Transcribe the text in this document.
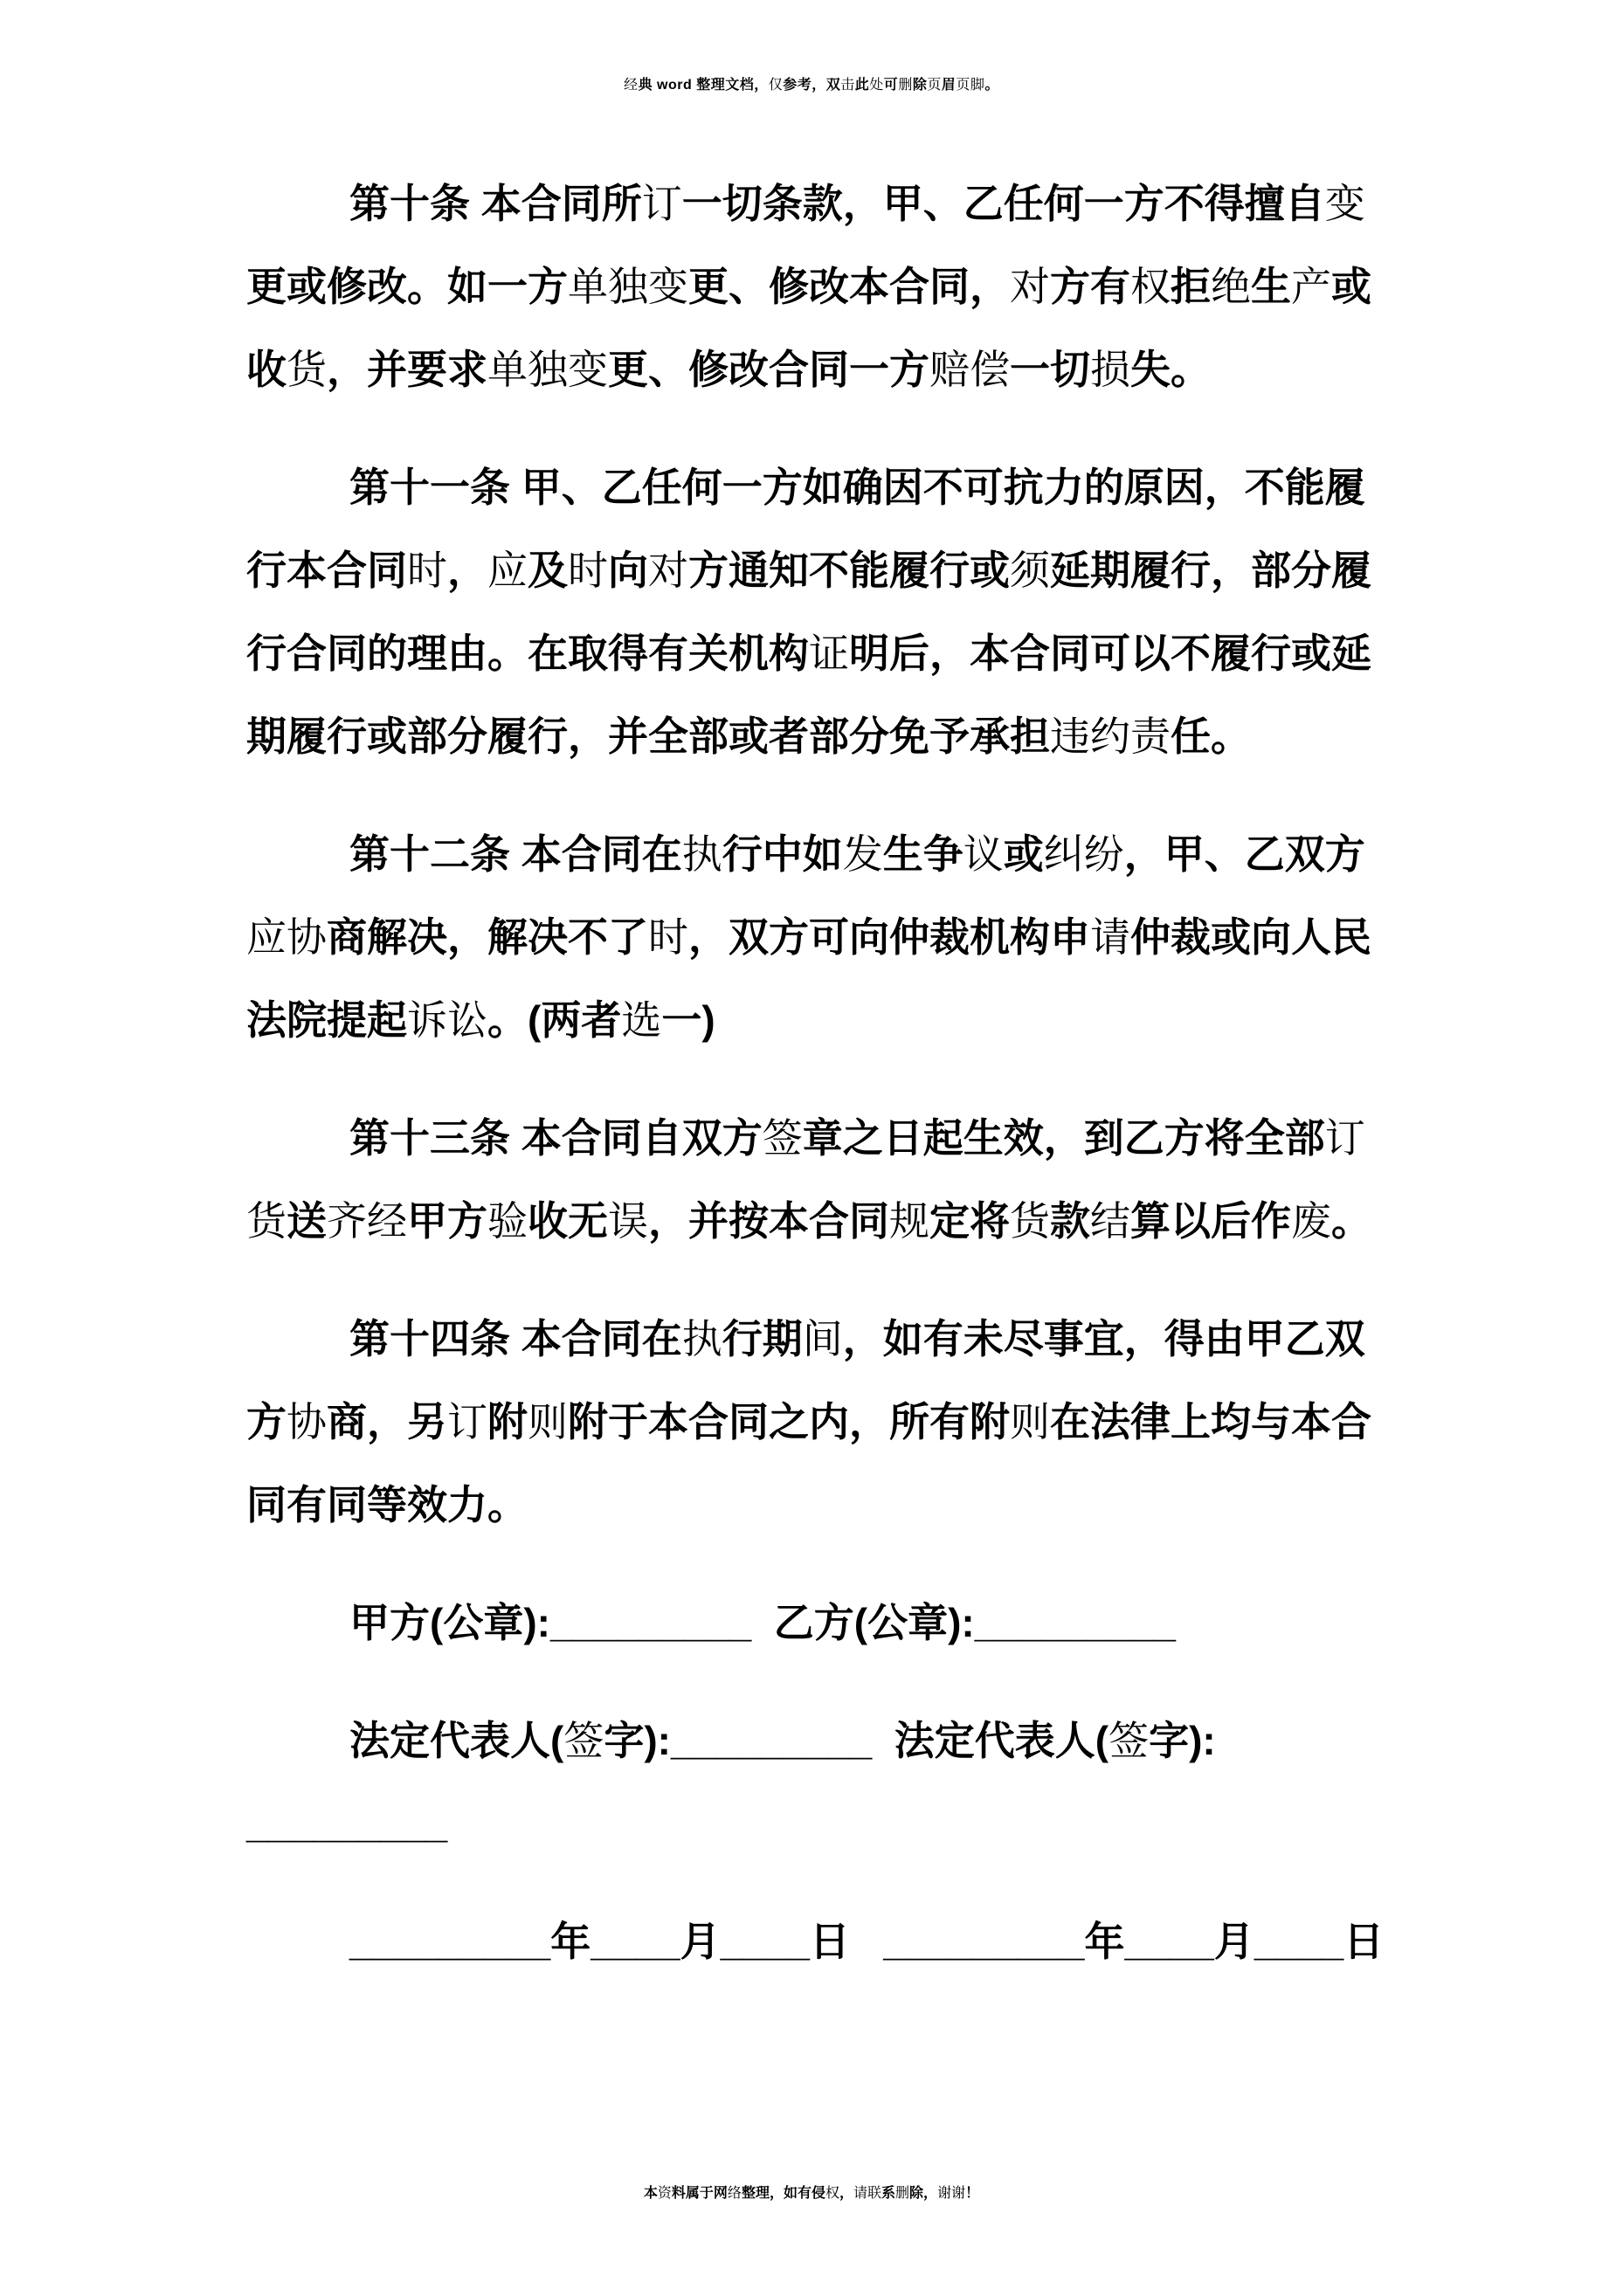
经典 word 整理文档，仅参考，双击此处可删除页眉页脚。
第十条 本合同所订一切条款，甲、乙任何一方不得擅自变
更或修改。如一方单独变更、修改本合同，对方有权拒绝生产或
收货，并要求单独变更、修改合同一方赔偿一切损失。
第十一条 甲、乙任何一方如确因不可抗力的原因，不能履
行本合同时，应及时向对方通知不能履行或须延期履行，部分履
行合同的理由。在取得有关机构证明后，本合同可以不履行或延
期履行或部分履行，并全部或者部分免予承担违约责任。
第十二条 本合同在执行中如发生争议或纠纷，甲、乙双方
应协商解决，解决不了时，双方可向仲裁机构申请仲裁或向人民
法院提起诉讼。(两者选一)
第十三条 本合同自双方签章之日起生效，到乙方将全部订
货送齐经甲方验收无误，并按本合同规定将货款结算以后作废。
第十四条 本合同在执行期间，如有未尽事宜，得由甲乙双
方协商，另订附则附于本合同之内，所有附则在法律上均与本合
同有同等效力。
甲方(公章):_________  乙方(公章):_________
法定代表人(签字):_________  法定代表人(签字):
_________
_________年____月____日   _________年____月____日
本资料属于网络整理，如有侵权，请联系删除，谢谢！
